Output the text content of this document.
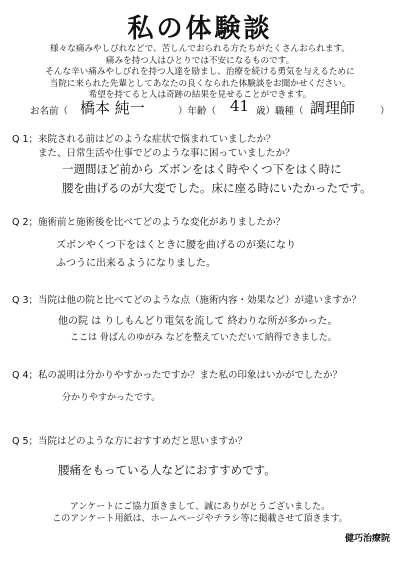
私の体験談
様々な痛みやしびれなどで、苦しんでおられる方たちがたくさんおられます。
痛みを持つ人はひとりでは不安になるものです。
そんな辛い痛みやしびれを持つ人達を励まし、治療を続ける勇気を与えるために
当院に来られた先輩としてあなたの良くなられた体験談をお聞かせください。
希望を持てると人は奇跡の結果を見せることができます。
お名前（ 橋本 純一	）年齢（ 41 歳）職種（ 調理師	）
Q 1； 来院される前はどのような症状で悩まれていましたか？
また、日常生活や仕事でどのような事に困っていましたか？
一週間ほど前から ズボンをはく時やくつ下をはく時に
腰を曲げるのが大変でした。床に座る時にいたかったです。
Q 2； 施術前と施術後を比べてどのような変化がありましたか？
ズボンやくつ下をはくときに腰を曲げるのが楽になり
ふつうに出来るようになりました。
Q 3； 当院は他の院と比べてどのような点（施術内容・効果など）が違いますか？
他の院 は りしもんどり電気を流して 終わりな所が多かった。
ここは 骨ばんのゆがみ などを整えていただいて納得できました。
Q 4； 私の説明は分かりやすかったですか？また私の印象はいかがでしたか？
分かりやすかったです。
Q 5； 当院はどのような方におすすめだと思いますか？
腰痛をもっている人などにおすすめです。
アンケートにご協力頂きまして、誠にありがとうございました。
このアンケート用紙は、ホームページやチラシ等に掲載させて頂きます。
健巧治療院
